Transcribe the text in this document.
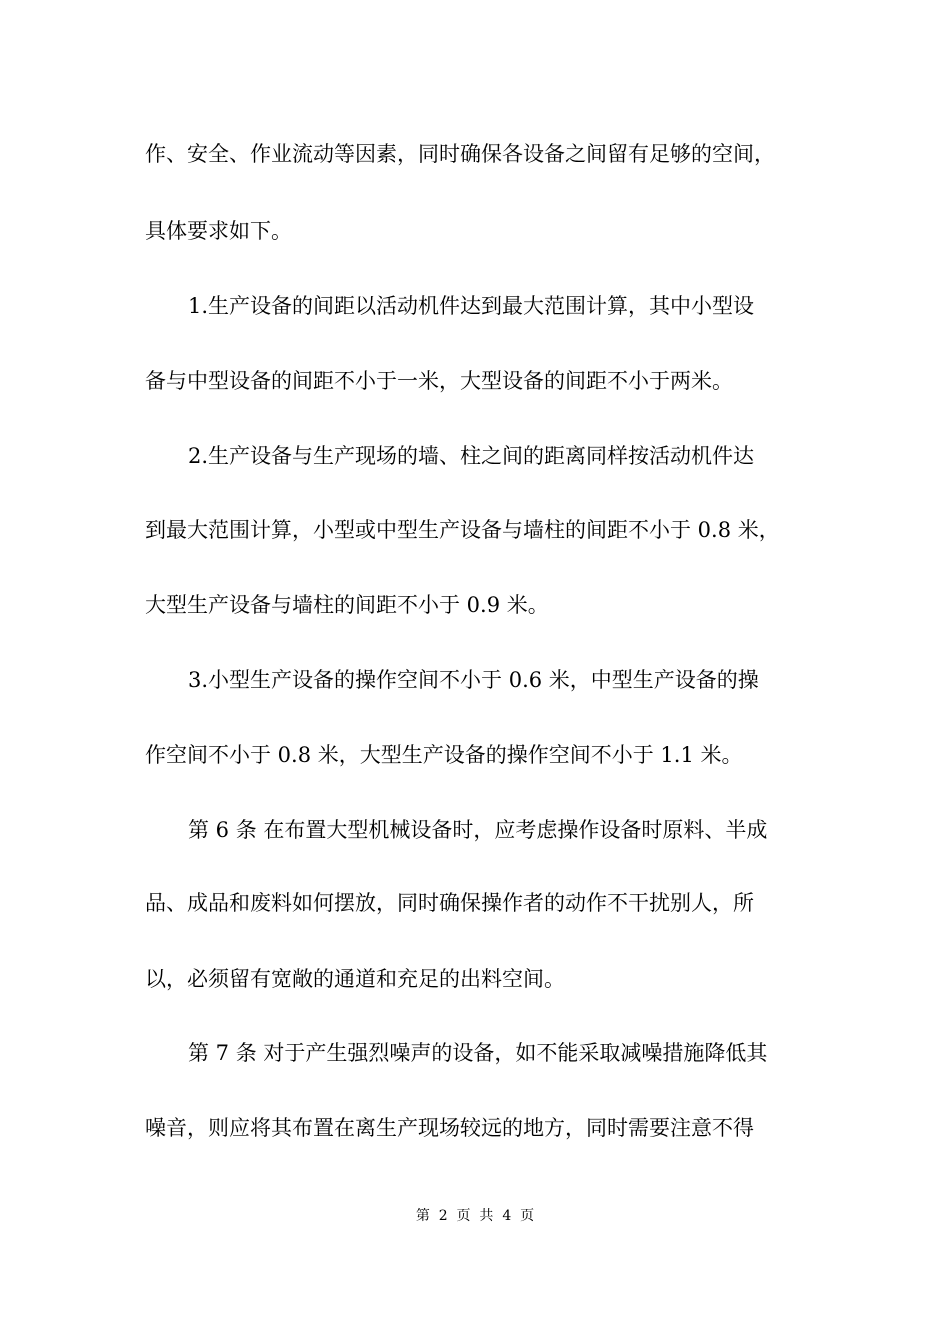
作、安全、作业流动等因素，同时确保各设备之间留有足够的空间，
具体要求如下。
1.生产设备的间距以活动机件达到最大范围计算，其中小型设
备与中型设备的间距不小于一米，大型设备的间距不小于两米。
2.生产设备与生产现场的墙、柱之间的距离同样按活动机件达
到最大范围计算，小型或中型生产设备与墙柱的间距不小于 0.8 米，
大型生产设备与墙柱的间距不小于 0.9 米。
3.小型生产设备的操作空间不小于 0.6 米，中型生产设备的操
作空间不小于 0.8 米，大型生产设备的操作空间不小于 1.1 米。
第 6 条 在布置大型机械设备时，应考虑操作设备时原料、半成
品、成品和废料如何摆放，同时确保操作者的动作不干扰别人，所
以，必须留有宽敞的通道和充足的出料空间。
第 7 条 对于产生强烈噪声的设备，如不能采取减噪措施降低其
噪音，则应将其布置在离生产现场较远的地方，同时需要注意不得
第  2  页  共  4  页
